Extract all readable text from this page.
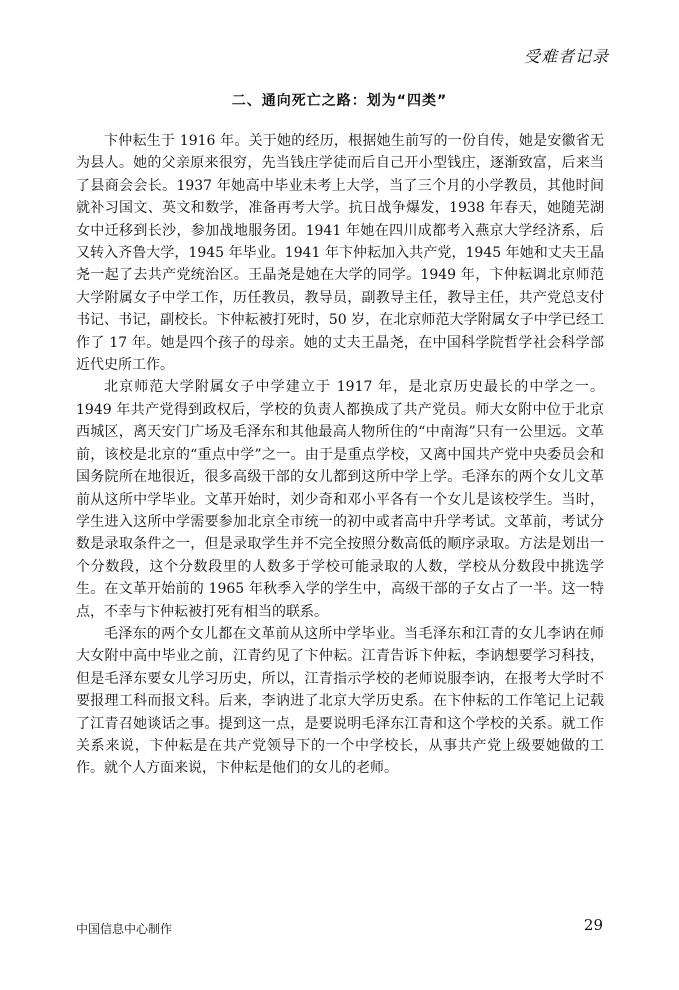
受难者记录
二、通向死亡之路：划为“四类”

卞仲耘生于 1916 年。关于她的经历，根据她生前写的一份自传，她是安徽省无为县人。她的父亲原来很穷，先当钱庄学徒而后自己开小型钱庄，逐渐致富，后来当了县商会会长。1937 年她高中毕业未考上大学，当了三个月的小学教员，其他时间就补习国文、英文和数学，准备再考大学。抗日战争爆发，1938 年春天，她随芜湖女中迁移到长沙，参加战地服务团。1941 年她在四川成都考入燕京大学经济系，后又转入齐鲁大学，1945 年毕业。1941 年卞仲耘加入共产党，1945 年她和丈夫王晶尧一起了去共产党统治区。王晶尧是她在大学的同学。1949 年，卞仲耘调北京师范大学附属女子中学工作，历任教员，教导员，副教导主任，教导主任，共产党总支付书记、书记，副校长。卞仲耘被打死时，50 岁，在北京师范大学附属女子中学已经工作了 17 年。她是四个孩子的母亲。她的丈夫王晶尧，在中国科学院哲学社会科学部近代史所工作。

北京师范大学附属女子中学建立于 1917 年，是北京历史最长的中学之一。1949 年共产党得到政权后，学校的负责人都换成了共产党员。师大女附中位于北京西城区，离天安门广场及毛泽东和其他最高人物所住的“中南海”只有一公里远。文革前，该校是北京的“重点中学”之一。由于是重点学校，又离中国共产党中央委员会和国务院所在地很近，很多高级干部的女儿都到这所中学上学。毛泽东的两个女儿文革前从这所中学毕业。文革开始时，刘少奇和邓小平各有一个女儿是该校学生。当时，学生进入这所中学需要参加北京全市统一的初中或者高中升学考试。文革前，考试分数是录取条件之一，但是录取学生并不完全按照分数高低的顺序录取。方法是划出一个分数段，这个分数段里的人数多于学校可能录取的人数，学校从分数段中挑选学生。在文革开始前的 1965 年秋季入学的学生中，高级干部的子女占了一半。这一特点，不幸与卞仲耘被打死有相当的联系。

毛泽东的两个女儿都在文革前从这所中学毕业。当毛泽东和江青的女儿李讷在师大女附中高中毕业之前，江青约见了卞仲耘。江青告诉卞仲耘，李讷想要学习科技，但是毛泽东要女儿学习历史，所以，江青指示学校的老师说服李讷，在报考大学时不要报理工科而报文科。后来，李讷进了北京大学历史系。在卞仲耘的工作笔记上记载了江青召她谈话之事。提到这一点，是要说明毛泽东江青和这个学校的关系。就工作关系来说，卞仲耘是在共产党领导下的一个中学校长，从事共产党上级要她做的工作。就个人方面来说，卞仲耘是他们的女儿的老师。

中国信息中心制作	29
